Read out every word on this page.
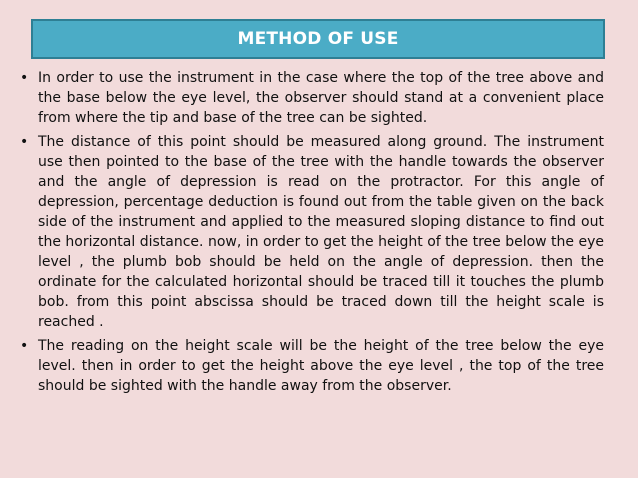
METHOD OF USE
• In order to use the instrument in the case where the top of the tree above and the base below the eye level, the observer should stand at a convenient place from where the tip and base of the tree can be sighted.
• The distance of this point should be measured along ground. The instrument use then pointed to the base of the tree with the handle towards the observer and the angle of depression is read on the protractor. For this angle of depression, percentage deduction is found out from the table given on the back side of the instrument and applied to the measured sloping distance to find out the horizontal distance. now, in order to get the height of the tree below the eye level , the plumb bob should be held on the angle of depression. then the ordinate for the calculated horizontal should be traced till it touches the plumb bob. from this point abscissa should be traced down till the height scale is reached .
• The reading on the height scale will be the height of the tree below the eye level. then in order to get the height above the eye level , the top of the tree should be sighted with the handle away from the observer.
